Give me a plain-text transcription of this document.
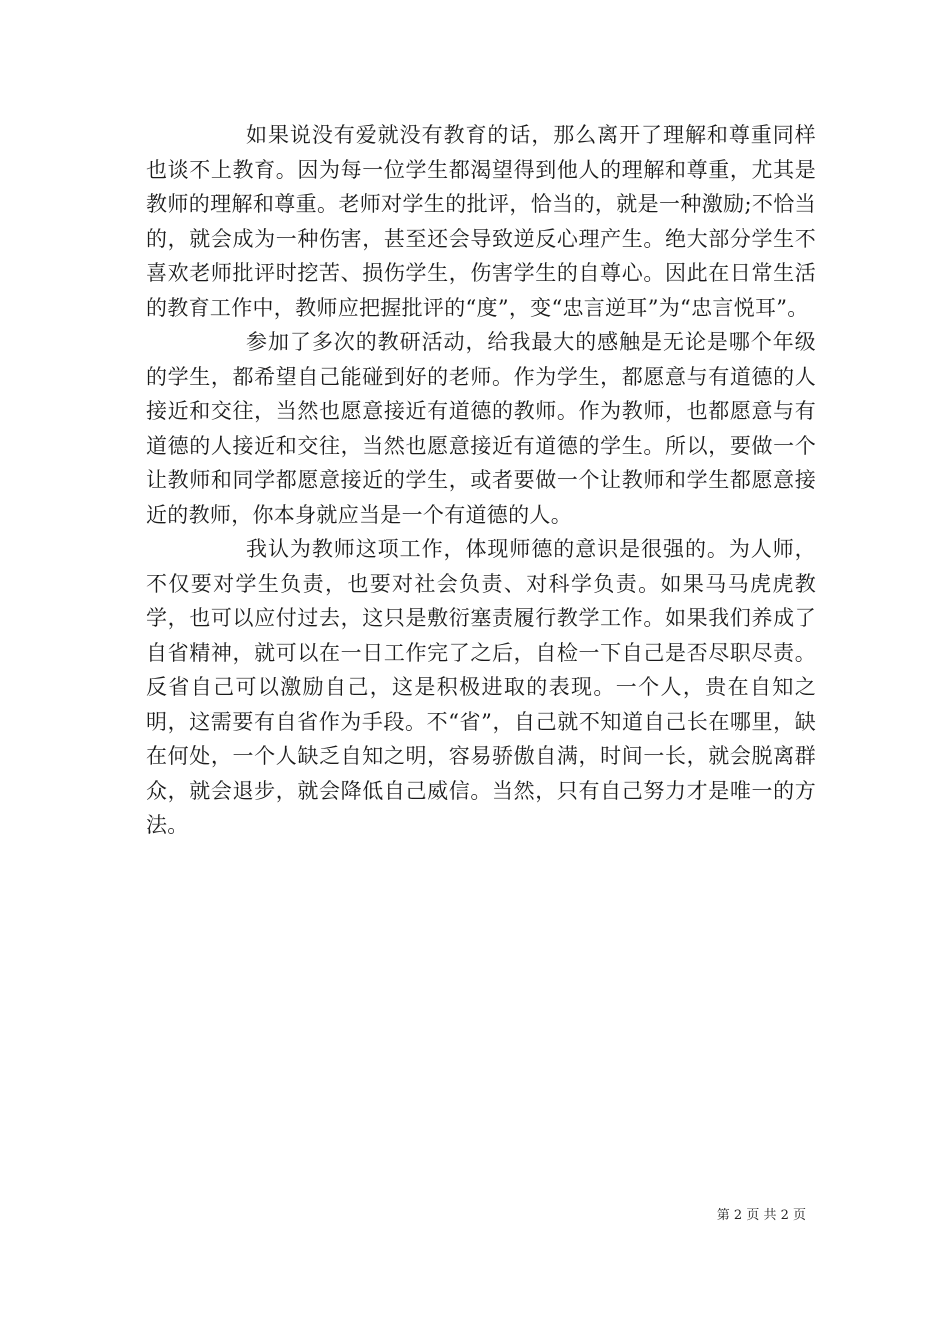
如果说没有爱就没有教育的话，那么离开了理解和尊重同样也谈不上教育。因为每一位学生都渴望得到他人的理解和尊重，尤其是教师的理解和尊重。老师对学生的批评，恰当的，就是一种激励;不恰当的，就会成为一种伤害，甚至还会导致逆反心理产生。绝大部分学生不喜欢老师批评时挖苦、损伤学生，伤害学生的自尊心。因此在日常生活的教育工作中，教师应把握批评的“度”，变“忠言逆耳”为“忠言悦耳”。

参加了多次的教研活动，给我最大的感触是无论是哪个年级的学生，都希望自己能碰到好的老师。作为学生，都愿意与有道德的人接近和交往，当然也愿意接近有道德的教师。作为教师，也都愿意与有道德的人接近和交往，当然也愿意接近有道德的学生。所以，要做一个让教师和同学都愿意接近的学生，或者要做一个让教师和学生都愿意接近的教师，你本身就应当是一个有道德的人。

我认为教师这项工作，体现师德的意识是很强的。为人师，不仅要对学生负责，也要对社会负责、对科学负责。如果马马虎虎教学，也可以应付过去，这只是敷衍塞责履行教学工作。如果我们养成了自省精神，就可以在一日工作完了之后，自检一下自己是否尽职尽责。反省自己可以激励自己，这是积极进取的表现。一个人，贵在自知之明，这需要有自省作为手段。不“省”，自己就不知道自己长在哪里，缺在何处，一个人缺乏自知之明，容易骄傲自满，时间一长，就会脱离群众，就会退步，就会降低自己威信。当然，只有自己努力才是唯一的方法。

第 2 页 共 2 页
